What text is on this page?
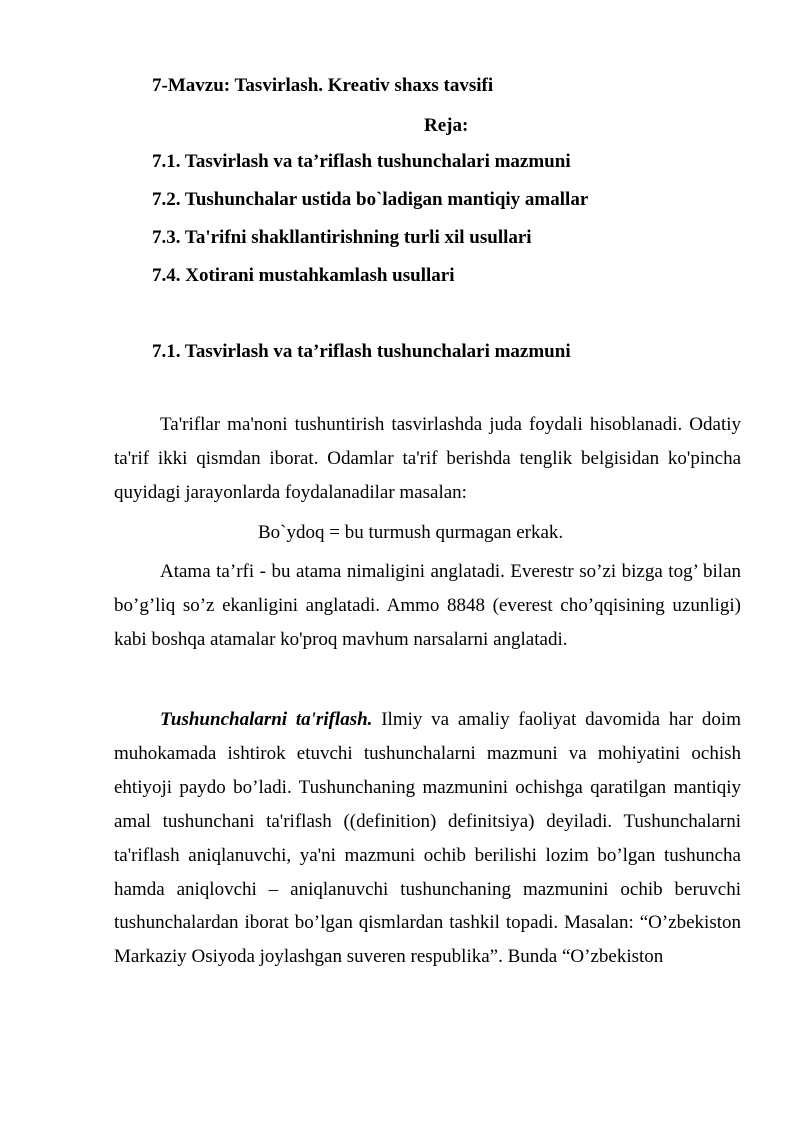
7-Mavzu: Tasvirlash. Kreativ shaxs tavsifi
Reja:
7.1. Tasvirlash va ta’riflash tushunchalari mazmuni
7.2. Tushunchalar ustida bo`ladigan mantiqiy amallar
7.3. Ta'rifni shakllantirishning turli xil usullari
7.4. Xotirani mustahkamlash usullari
7.1. Tasvirlash va ta’riflash tushunchalari mazmuni
Ta'riflar ma'noni tushuntirish tasvirlashda juda foydali hisoblanadi. Odatiy ta'rif ikki qismdan iborat. Odamlar ta'rif berishda tenglik belgisidan ko'pincha quyidagi jarayonlarda foydalanadilar masalan:
Bo`ydoq = bu turmush qurmagan erkak.
Atama ta’rfi - bu atama nimaligini anglatadi. Everestr so’zi bizga tog’ bilan bo’g’liq so’z ekanligini anglatadi. Ammo 8848 (everest cho’qqisining uzunligi) kabi boshqa atamalar ko'proq mavhum narsalarni anglatadi.
Tushunchalarni ta'riflash. Ilmiy va amaliy faoliyat davomida har doim muhokamada ishtirok etuvchi tushunchalarni mazmuni va mohiyatini ochish ehtiyoji paydo bo’ladi. Tushunchaning mazmunini ochishga qaratilgan mantiqiy amal tushunchani ta'riflash ((definition) definitsiya) deyiladi. Tushunchalarni ta'riflash aniqlanuvchi, ya'ni mazmuni ochib berilishi lozim bo’lgan tushuncha hamda aniqlovchi – aniqlanuvchi tushunchaning mazmunini ochib beruvchi tushunchalardan iborat bo’lgan qismlardan tashkil topadi. Masalan: “O’zbekiston Markaziy Osiyoda joylashgan suveren respublika”. Bunda “O’zbekiston
